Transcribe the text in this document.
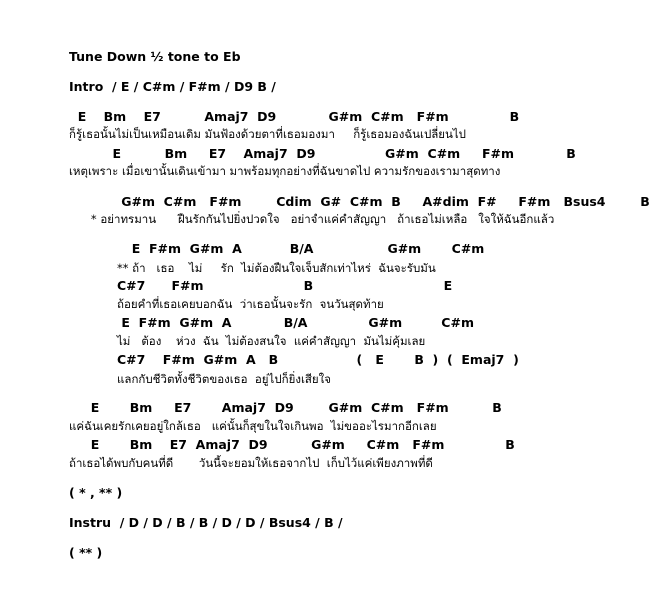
Tune Down ½ tone to Eb
Intro  / E / C#m / F#m / D9 B /
E    Bm    E7          Amaj7  D9            G#m  C#m   F#m              B
ก็รู้เธอนั้นไม่เป็นเหมือนเดิม มันฟ้องด้วยตาที่เธอมองมา     ก็รู้เธอมองฉันเปลี่ยนไป
E          Bm     E7    Amaj7  D9                G#m  C#m     F#m            B
เหตุเพราะ เมื่อเขานั้นเดินเข้ามา มาพร้อมทุกอย่างที่ฉันขาดไป ความรักของเรามาสุดทาง
G#m  C#m   F#m        Cdim  G#  C#m  B     A#dim  F#     F#m   Bsus4        B
* อย่าทรมาน      ฝืนรักกันไปยิ่งปวดใจ   อย่าจำแค่คำสัญญา   ถ้าเธอไม่เหลือ   ใจให้ฉันอีกแล้ว
E  F#m  G#m  A           B/A                 G#m       C#m
** ถ้า   เธอ    ไม่     รัก  ไม่ต้องฝืนใจเจ็บสักเท่าไหร่  ฉันจะรับมัน
C#7      F#m                       B                              E
ถ้อยคำที่เธอเคยบอกฉัน  ว่าเธอนั้นจะรัก  จนวันสุดท้าย
E  F#m  G#m  A            B/A              G#m         C#m
ไม่   ต้อง    ห่วง  ฉัน  ไม่ต้องสนใจ  แค่คำสัญญา  มันไม่คุ้มเลย
C#7    F#m  G#m  A   B                  (   E       B  )  (  Emaj7  )
แลกกับชีวิตทั้งชีวิตของเธอ  อยู่ไปก็ยิ่งเสียใจ
E       Bm     E7       Amaj7  D9        G#m  C#m   F#m          B
แค่ฉันเคยรักเคยอยู่ใกล้เธอ   แค่นั้นก็สุขในใจเกินพอ  ไม่ขออะไรมากอีกเลย
E       Bm    E7  Amaj7  D9          G#m     C#m   F#m              B
ถ้าเธอได้พบกับคนที่ดี       วันนี้จะยอมให้เธอจากไป  เก็บไว้แค่เพียงภาพที่ดี
( * , ** )
Instru  / D / D / B / B / D / D / Bsus4 / B /
( ** )
